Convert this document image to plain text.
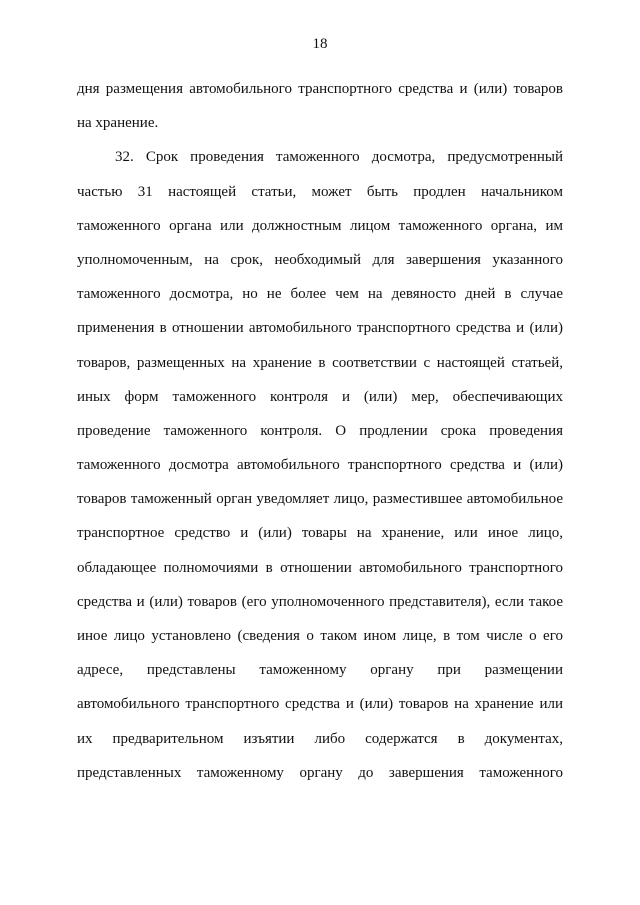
18
дня размещения автомобильного транспортного средства и (или) товаров
на хранение.
32. Срок проведения таможенного досмотра, предусмотренный
частью 31 настоящей статьи, может быть продлен начальником
таможенного органа или должностным лицом таможенного органа, им
уполномоченным, на срок, необходимый для завершения указанного
таможенного досмотра, но не более чем на девяносто дней в случае
применения в отношении автомобильного транспортного средства и (или)
товаров, размещенных на хранение в соответствии с настоящей статьей,
иных форм таможенного контроля и (или) мер, обеспечивающих
проведение таможенного контроля. О продлении срока проведения
таможенного досмотра автомобильного транспортного средства и (или)
товаров таможенный орган уведомляет лицо, разместившее автомобильное
транспортное средство и (или) товары на хранение, или иное лицо,
обладающее полномочиями в отношении автомобильного транспортного
средства и (или) товаров (его уполномоченного представителя), если такое
иное лицо установлено (сведения о таком ином лице, в том числе о его
адресе, представлены таможенному органу при размещении
автомобильного транспортного средства и (или) товаров на хранение или
их предварительном изъятии либо содержатся в документах,
представленных таможенному органу до завершения таможенного
